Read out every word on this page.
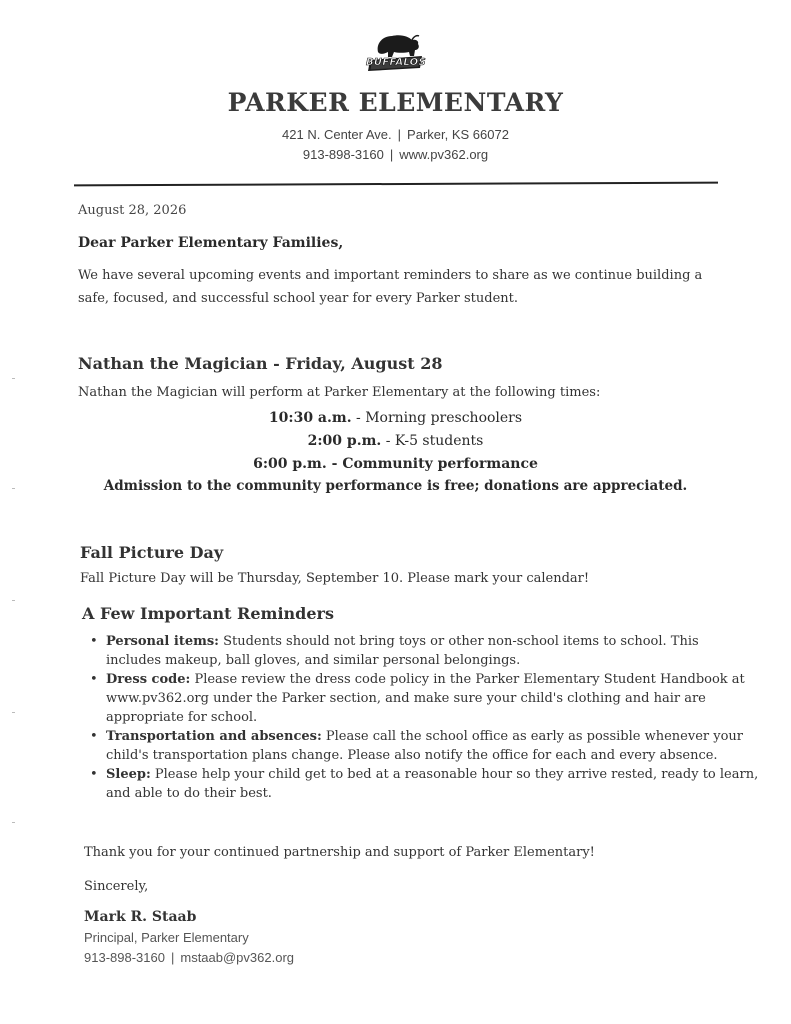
BUFFALOS
PARKER ELEMENTARY
421 N. Center Ave. | Parker, KS 66072
913-898-3160 | www.pv362.org
August 28, 2026
Dear Parker Elementary Families,
We have several upcoming events and important reminders to share as we continue building a
safe, focused, and successful school year for every Parker student.
Nathan the Magician - Friday, August 28
Nathan the Magician will perform at Parker Elementary at the following times:
10:30 a.m. - Morning preschoolers
2:00 p.m. - K-5 students
6:00 p.m. - Community performance
Admission to the community performance is free; donations are appreciated.
Fall Picture Day
Fall Picture Day will be Thursday, September 10. Please mark your calendar!
A Few Important Reminders
• Personal items: Students should not bring toys or other non-school items to school. This
includes makeup, ball gloves, and similar personal belongings.
• Dress code: Please review the dress code policy in the Parker Elementary Student Handbook at
www.pv362.org under the Parker section, and make sure your child's clothing and hair are
appropriate for school.
• Transportation and absences: Please call the school office as early as possible whenever your
child's transportation plans change. Please also notify the office for each and every absence.
• Sleep: Please help your child get to bed at a reasonable hour so they arrive rested, ready to learn,
and able to do their best.
Thank you for your continued partnership and support of Parker Elementary!
Sincerely,
Mark R. Staab
Principal, Parker Elementary
913-898-3160 | mstaab@pv362.org
